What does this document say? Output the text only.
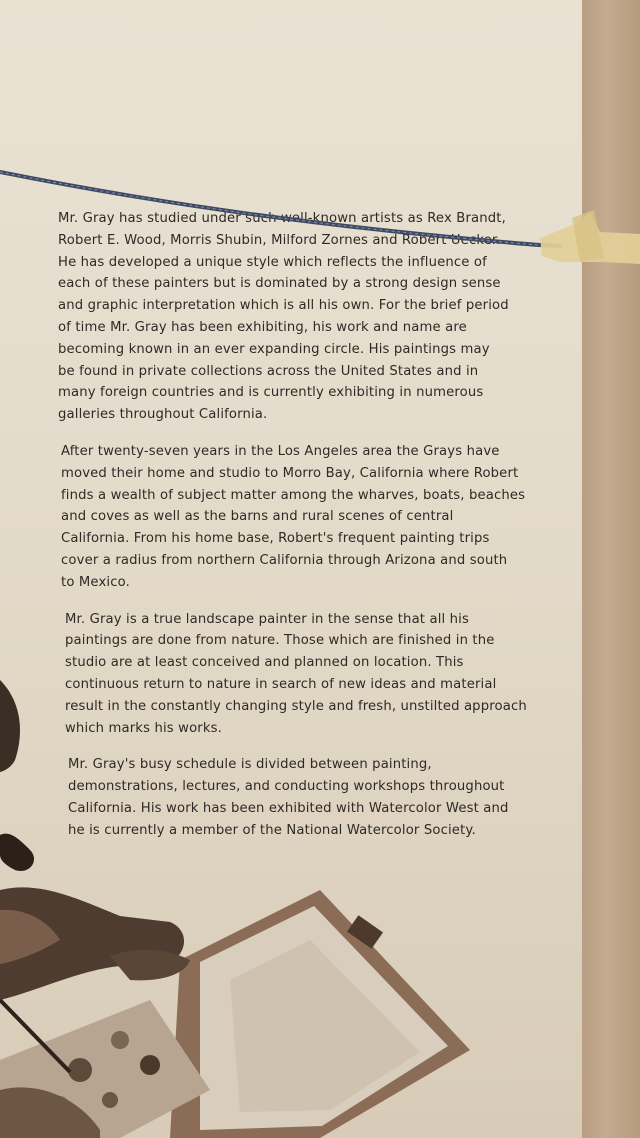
Mr. Gray has studied under such well-known artists as Rex Brandt,
Robert E. Wood, Morris Shubin, Milford Zornes and Robert Uecker.
He has developed a unique style which reflects the influence of
each of these painters but is dominated by a strong design sense
and graphic interpretation which is all his own. For the brief period
of time Mr. Gray has been exhibiting, his work and name are
becoming known in an ever expanding circle. His paintings may
be found in private collections across the United States and in
many foreign countries and is currently exhibiting in numerous
galleries throughout California.
After twenty-seven years in the Los Angeles area the Grays have
moved their home and studio to Morro Bay, California where Robert
finds a wealth of subject matter among the wharves, boats, beaches
and coves as well as the barns and rural scenes of central
California. From his home base, Robert's frequent painting trips
cover a radius from northern California through Arizona and south
to Mexico.
Mr. Gray is a true landscape painter in the sense that all his
paintings are done from nature. Those which are finished in the
studio are at least conceived and planned on location. This
continuous return to nature in search of new ideas and material
result in the constantly changing style and fresh, unstilted approach
which marks his works.
Mr. Gray's busy schedule is divided between painting,
demonstrations, lectures, and conducting workshops throughout
California. His work has been exhibited with Watercolor West and
he is currently a member of the National Watercolor Society.
